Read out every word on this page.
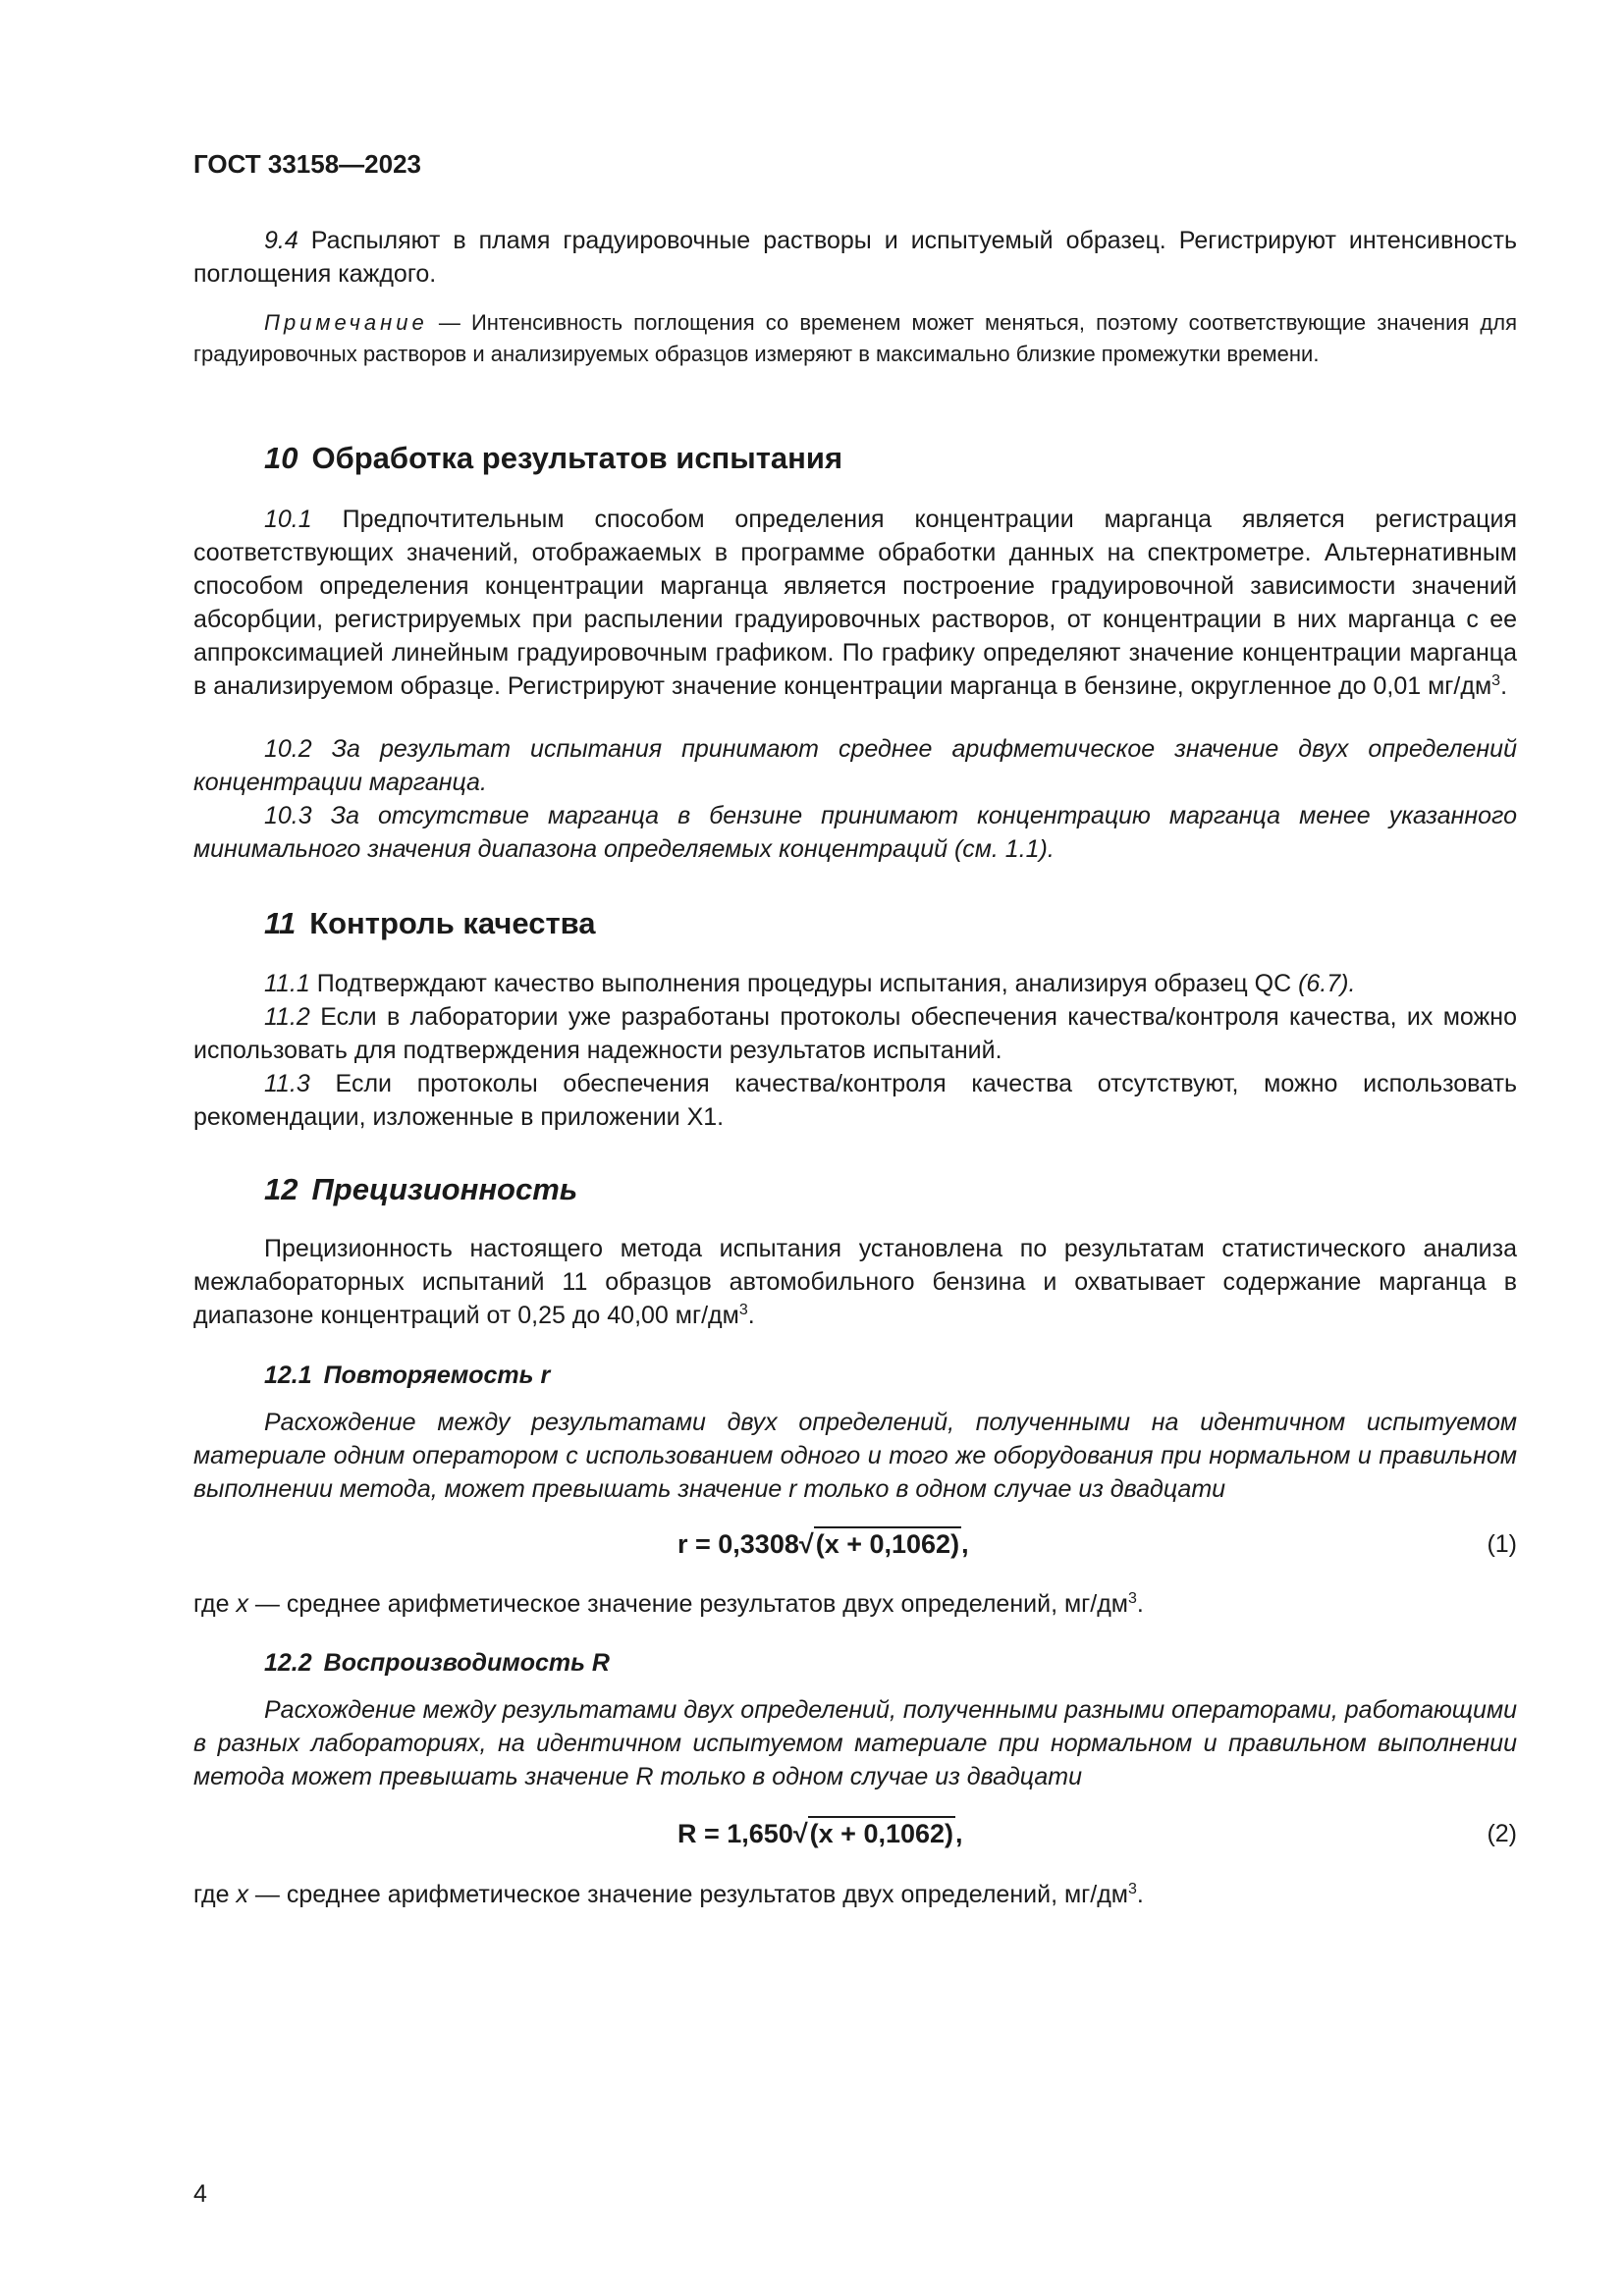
ГОСТ 33158—2023

9.4 Распыляют в пламя градуировочные растворы и испытуемый образец. Регистрируют интенсивность поглощения каждого.

Примечание — Интенсивность поглощения со временем может меняться, поэтому соответствующие значения для градуировочных растворов и анализируемых образцов измеряют в максимально близкие промежутки времени.

10 Обработка результатов испытания

10.1 Предпочтительным способом определения концентрации марганца является регистрация соответствующих значений, отображаемых в программе обработки данных на спектрометре. Альтернативным способом определения концентрации марганца является построение градуировочной зависимости значений абсорбции, регистрируемых при распылении градуировочных растворов, от концентрации в них марганца с ее аппроксимацией линейным градуировочным графиком. По графику определяют значение концентрации марганца в анализируемом образце. Регистрируют значение концентрации марганца в бензине, округленное до 0,01 $мг/дм^3$.

10.2 За результат испытания принимают среднее арифметическое значение двух определений концентрации марганца.

10.3 За отсутствие марганца в бензине принимают концентрацию марганца менее указанного минимального значения диапазона определяемых концентраций (см. 1.1).

11 Контроль качества

11.1 Подтверждают качество выполнения процедуры испытания, анализируя образец QC (6.7).

11.2 Если в лаборатории уже разработаны протоколы обеспечения качества/контроля качества, их можно использовать для подтверждения надежности результатов испытаний.

11.3 Если протоколы обеспечения качества/контроля качества отсутствуют, можно использовать рекомендации, изложенные в приложении Х1.

12 Прецизионность

Прецизионность настоящего метода испытания установлена по результатам статистического анализа межлабораторных испытаний 11 образцов автомобильного бензина и охватывает содержание марганца в диапазоне концентраций от 0,25 до 40,00 $мг/дм^3$.

12.1 Повторяемость r

Расхождение между результатами двух определений, полученными на идентичном испытуемом материале одним оператором с использованием одного и того же оборудования при нормальном и правильном выполнении метода, может превышать значение r только в одном случае из двадцати

r = 0,3308√(x + 0,1062),	(1)

где x — среднее арифметическое значение результатов двух определений, $мг/дм^3$.

12.2 Воспроизводимость R

Расхождение между результатами двух определений, полученными разными операторами, работающими в разных лабораториях, на идентичном испытуемом материале при нормальном и правильном выполнении метода может превышать значение R только в одном случае из двадцати

R = 1,650√(x + 0,1062),	(2)

где x — среднее арифметическое значение результатов двух определений, $мг/дм^3$.

4
